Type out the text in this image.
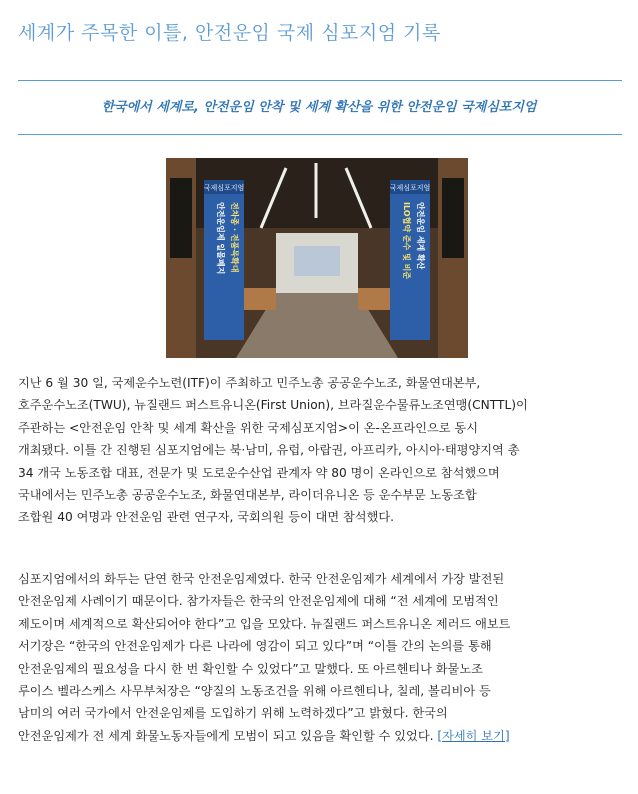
세계가 주목한 이틀, 안전운임 국제 심포지엄 기록
한국에서 세계로, 안전운임 안착 및 세계 확산을 위한 안전운임 국제심포지엄
국제심포지엄
전차종 · 전품목확대
안전운임제 일몰폐지
국제심포지엄
안전운임 세계 확산
ILO협약 준수 및 비준
지난 6 월 30 일, 국제운수노련(ITF)이 주최하고 민주노총 공공운수노조, 화물연대본부,
호주운수노조(TWU), 뉴질랜드 퍼스트유니온(First Union), 브라질운수물류노조연맹(CNTTL)이
주관하는 <안전운임 안착 및 세계 확산을 위한 국제심포지엄>이 온-온프라인으로 동시
개최됐다. 이틀 간 진행된 심포지엄에는 북·남미, 유럽, 아랍권, 아프리카, 아시아·태평양지역 총
34 개국 노동조합 대표, 전문가 및 도로운수산업 관계자 약 80 명이 온라인으로 참석했으며
국내에서는 민주노총 공공운수노조, 화물연대본부, 라이더유니온 등 운수부문 노동조합
조합원 40 여명과 안전운임 관련 연구자, 국회의원 등이 대면 참석했다.
심포지엄에서의 화두는 단연 한국 안전운임제였다. 한국 안전운임제가 세계에서 가장 발전된
안전운임제 사례이기 때문이다. 참가자들은 한국의 안전운임제에 대해 “전 세계에 모범적인
제도이며 세계적으로 확산되어야 한다”고 입을 모았다. 뉴질랜드 퍼스트유니온 제러드 애보트
서기장은 “한국의 안전운임제가 다른 나라에 영감이 되고 있다”며 “이틀 간의 논의를 통해
안전운임제의 필요성을 다시 한 번 확인할 수 있었다”고 말했다. 또 아르헨티나 화물노조
루이스 벨라스케스 사무부처장은 “양질의 노동조건을 위해 아르헨티나, 칠레, 볼리비아 등
남미의 여러 국가에서 안전운임제를 도입하기 위해 노력하겠다”고 밝혔다. 한국의
안전운임제가 전 세계 화물노동자들에게 모범이 되고 있음을 확인할 수 있었다. [자세히 보기]
